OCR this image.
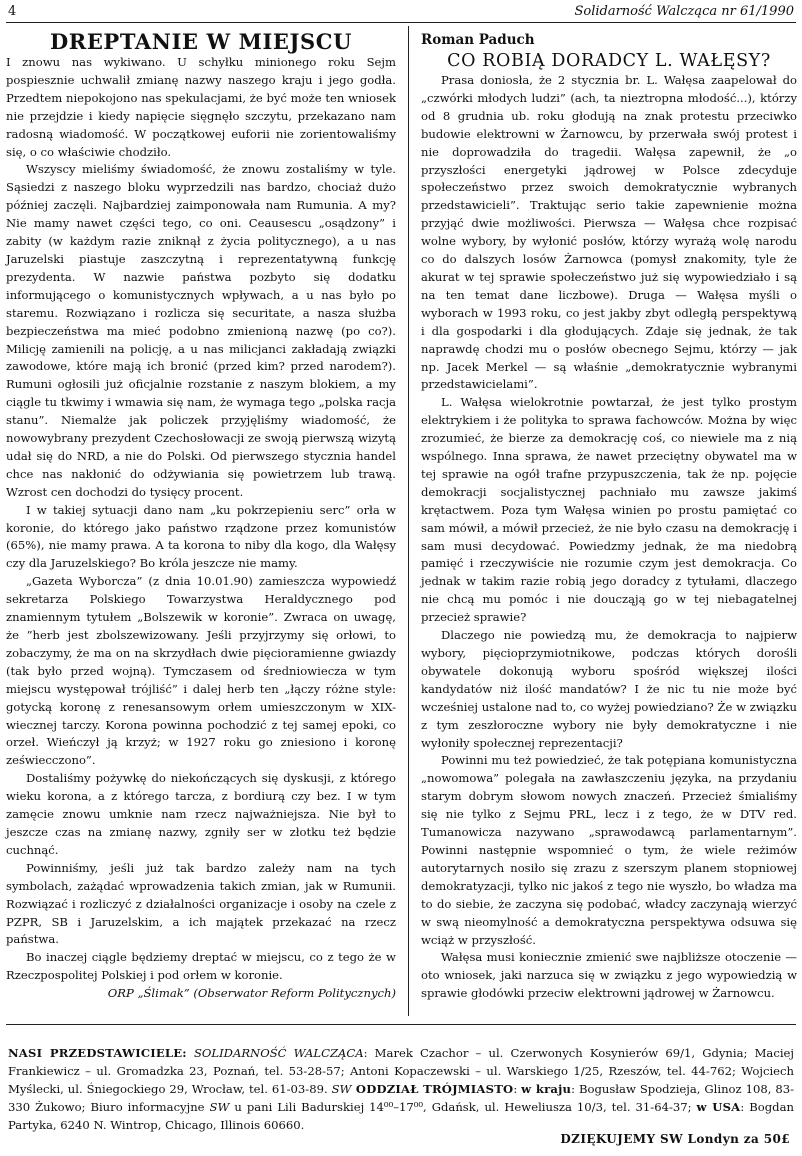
4	Solidarność Walcząca nr 61/1990

DREPTANIE W MIEJSCU

I znowu nas wykiwano. U schyłku minionego roku Sejm pospiesznie uchwalił zmianę nazwy naszego kraju i jego godła. Przedtem niepokojono nas spekulacjami, że być może ten wniosek nie przejdzie i kiedy napięcie sięgnęło szczytu, przekazano nam radosną wiadomość. W początkowej euforii nie zorientowaliśmy się, o co właściwie chodziło.

Wszyscy mieliśmy świadomość, że znowu zostaliśmy w tyle. Sąsiedzi z naszego bloku wyprzedzili nas bardzo, chociaż dużo później zaczęli. Najbardziej zaimponowała nam Rumunia. A my? Nie mamy nawet części tego, co oni. Ceausescu „osądzony” i zabity (w każdym razie zniknął z życia politycznego), a u nas Jaruzelski piastuje zaszczytną i reprezentatywną funkcję prezydenta. W nazwie państwa pozbyto się dodatku informującego o komunistycznych wpływach, a u nas było po staremu. Rozwiązano i rozlicza się securitate, a nasza służba bezpieczeństwa ma mieć podobno zmienioną nazwę (po co?). Milicję zamienili na policję, a u nas milicjanci zakładają związki zawodowe, które mają ich bronić (przed kim? przed narodem?). Rumuni ogłosili już oficjalnie rozstanie z naszym blokiem, a my ciągle tu tkwimy i wmawia się nam, że wymaga tego „polska racja stanu”. Niemalże jak policzek przyjęliśmy wiadomość, że nowowybrany prezydent Czechosłowacji ze swoją pierwszą wizytą udał się do NRD, a nie do Polski. Od pierwszego stycznia handel chce nas nakłonić do odżywiania się powietrzem lub trawą. Wzrost cen dochodzi do tysięcy procent.

I w takiej sytuacji dano nam „ku pokrzepieniu serc” orła w koronie, do którego jako państwo rządzone przez komunistów (65%), nie mamy prawa. A ta korona to niby dla kogo, dla Wałęsy czy dla Jaruzelskiego? Bo króla jeszcze nie mamy.

„Gazeta Wyborcza” (z dnia 10.01.90) zamieszcza wypowiedź sekretarza Polskiego Towarzystwa Heraldycznego pod znamiennym tytułem „Bolszewik w koronie”. Zwraca on uwagę, że ”herb jest zbolszewizowany. Jeśli przyjrzymy się orłowi, to zobaczymy, że ma on na skrzydłach dwie pięcioramienne gwiazdy (tak było przed wojną). Tymczasem od średniowiecza w tym miejscu występował trójliść” i dalej herb ten „łączy różne style: gotycką koronę z renesansowym orłem umieszczonym w XIX-wiecznej tarczy. Korona powinna pochodzić z tej samej epoki, co orzeł. Wieńczył ją krzyż; w 1927 roku go zniesiono i koronę zeświecczono”.

Dostaliśmy pożywkę do niekończących się dyskusji, z którego wieku korona, a z którego tarcza, z bordiurą czy bez. I w tym zamęcie znowu umknie nam rzecz najważniejsza. Nie był to jeszcze czas na zmianę nazwy, zgniły ser w złotku też będzie cuchnąć.

Powinniśmy, jeśli już tak bardzo zależy nam na tych symbolach, zażądać wprowadzenia takich zmian, jak w Rumunii. Rozwiązać i rozliczyć z działalności organizacje i osoby na czele z PZPR, SB i Jaruzelskim, a ich majątek przekazać na rzecz państwa.

Bo inaczej ciągle będziemy dreptać w miejscu, co z tego że w Rzeczpospolitej Polskiej i pod orłem w koronie.

ORP „Ślimak” (Obserwator Reform Politycznych)

Roman Paduch

CO ROBIĄ DORADCY L. WAŁĘSY?

Prasa doniosła, że 2 stycznia br. L. Wałęsa zaapelował do „czwórki młodych ludzi” (ach, ta nieztropna młodość...), którzy od 8 grudnia ub. roku głodują na znak protestu przeciwko budowie elektrowni w Żarnowcu, by przerwała swój protest i nie doprowadziła do tragedii. Wałęsa zapewnił, że „o przyszłości energetyki jądrowej w Polsce zdecyduje społeczeństwo przez swoich demokratycznie wybranych przedstawicieli”. Traktując serio takie zapewnienie można przyjąć dwie możliwości. Pierwsza — Wałęsa chce rozpisać wolne wybory, by wyłonić posłów, którzy wyrażą wolę narodu co do dalszych losów Żarnowca (pomysł znakomity, tyle że akurat w tej sprawie społeczeństwo już się wypowiedziało i są na ten temat dane liczbowe). Druga — Wałęsa myśli o wyborach w 1993 roku, co jest jakby zbyt odległą perspektywą i dla gospodarki i dla głodujących. Zdaje się jednak, że tak naprawdę chodzi mu o posłów obecnego Sejmu, którzy — jak np. Jacek Merkel — są właśnie „demokratycznie wybranymi przedstawicielami”.

L. Wałęsa wielokrotnie powtarzał, że jest tylko prostym elektrykiem i że polityka to sprawa fachowców. Można by więc zrozumieć, że bierze za demokrację coś, co niewiele ma z nią wspólnego. Inna sprawa, że nawet przeciętny obywatel ma w tej sprawie na ogół trafne przypuszczenia, tak że np. pojęcie demokracji socjalistycznej pachniało mu zawsze jakimś krętactwem. Poza tym Wałęsa winien po prostu pamiętać co sam mówił, a mówił przecież, że nie było czasu na demokrację i sam musi decydować. Powiedzmy jednak, że ma niedobrą pamięć i rzeczywiście nie rozumie czym jest demokracja. Co jednak w takim razie robią jego doradcy z tytułami, dlaczego nie chcą mu pomóc i nie doucząją go w tej niebagatelnej przecież sprawie?

Dlaczego nie powiedzą mu, że demokracja to najpierw wybory, pięcioprzymiotnikowe, podczas których dorośli obywatele dokonują wyboru spośród większej ilości kandydatów niż ilość mandatów? I że nic tu nie może być wcześniej ustalone nad to, co wyżej powiedziano? Że w związku z tym zeszłoroczne wybory nie były demokratyczne i nie wyłoniły społecznej reprezentacji?

Powinni mu też powiedzieć, że tak potępiana komunistyczna „nowomowa” polegała na zawłaszczeniu języka, na przydaniu starym dobrym słowom nowych znaczeń. Przecież śmialiśmy się nie tylko z Sejmu PRL, lecz i z tego, że w DTV red. Tumanowicza nazywano „sprawodawcą parlamentarnym”. Powinni następnie wspomnieć o tym, że wiele reżimów autorytarnych nosiło się zrazu z szerszym planem stopniowej demokratyzacji, tylko nic jakoś z tego nie wyszło, bo władza ma to do siebie, że zaczyna się podobać, władcy zaczynają wierzyć w swą nieomylność a demokratyczna perspektywa odsuwa się wciąż w przyszłość.

Wałęsa musi koniecznie zmienić swe najbliższe otoczenie — oto wniosek, jaki narzuca się w związku z jego wypowiedzią w sprawie głodówki przeciw elektrowni jądrowej w Żarnowcu.

NASI PRZEDSTAWICIELE: SOLIDARNOŚĆ WALCZĄCA: Marek Czachor – ul. Czerwonych Kosynierów 69/1, Gdynia; Maciej Frankiewicz – ul. Gromadzka 23, Poznań, tel. 53-28-57; Antoni Kopaczewski – ul. Warskiego 1/25, Rzeszów, tel. 44-762; Wojciech Myślecki, ul. Śniegockiego 29, Wrocław, tel. 61-03-89. SW ODDZIAŁ TRÓJMIASTO: w kraju: Bogusław Spodzieja, Glinoz 108, 83-330 Żukowo; Biuro informacyjne SW u pani Lili Badurskiej 14⁰⁰–17⁰⁰, Gdańsk, ul. Heweliusza 10/3, tel. 31-64-37; w USA: Bogdan Partyka, 6240 N. Wintrop, Chicago, Illinois 60660.
DZIĘKUJEMY SW Londyn za 50£
